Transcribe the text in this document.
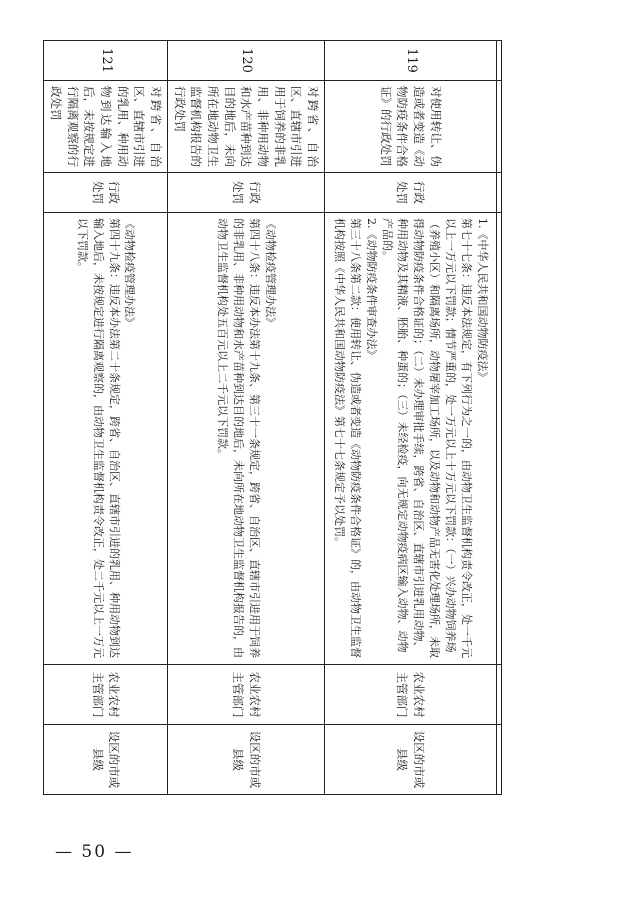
119	对使用转让、伪造或者变造《动物防疫条件合格证》的行政处罚	行政处罚	1.《中华人民共和国动物防疫法》

第七十七条：违反本法规定，有下列行为之一的，由动物卫生监督机构责令改正，处一千元以上一万元以下罚款；情节严重的，处一万元以上十万元以下罚款：（一）兴办动物饲养场（养殖小区）和隔离场所，动物屠宰加工场所，以及动物和动物产品无害化处理场所，未取得动物防疫条件合格证的；（二）未办理审批手续，跨省、自治区、直辖市引进乳用动物、种用动物及其精液、胚胎、种蛋的；（三）未经检疫，向无规定动物疫病区输入动物、动物产品的。

2.《动物防疫条件审查办法》

第三十八条第二款：使用转让、伪造或者变造《动物防疫条件合格证》的，由动物卫生监督机构按照《中华人民共和国动物防疫法》第七十七条规定予以处罚。	农业农村主管部门	设区的市或县级
120	对跨省、自治区、直辖市引进用于饲养的非乳用、非种用动物和水产苗种到达目的地后，未向所在地动物卫生监督机构报告的行政处罚	行政处罚	《动物检疫管理办法》

第四十八条：违反本办法第十九条、第三十一条规定，跨省、自治区、直辖市引进用于饲养的非乳用、非种用动物和水产苗种到达目的地后，未向所在地动物卫生监督机构报告的，由动物卫生监督机构处五百元以上二千元以下罚款。	农业农村主管部门	设区的市或县级
121	对跨省、自治区、直辖市引进的乳用、种用动物到达输入地后，未按规定进行隔离观察的行政处罚	行政处罚	《动物检疫管理办法》

第四十九条：违反本办法第二十条规定，跨省、自治区、直辖市引进的乳用、种用动物到达输入地后，未按规定进行隔离观察的，由动物卫生监督机构责令改正，处二千元以上一万元以下罚款。	农业农村主管部门	设区的市或县级
— 50 —
